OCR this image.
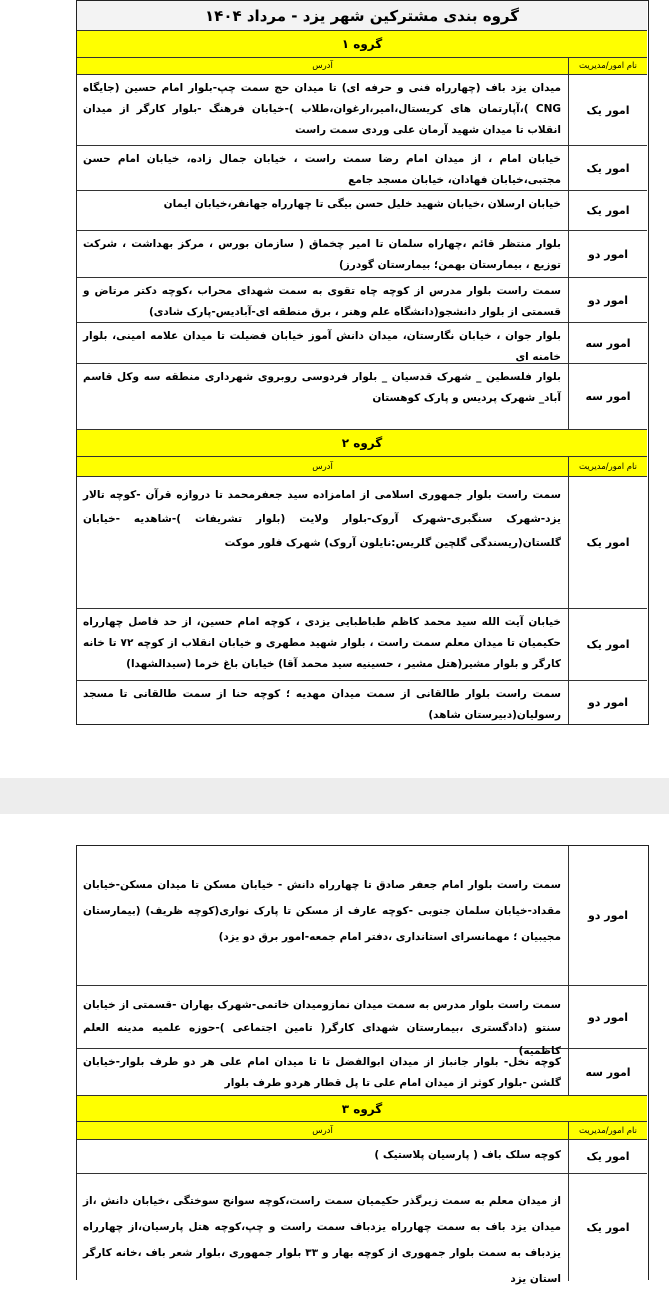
گروه بندی مشترکین شهر یزد - مرداد ۱۴۰۴
گروه ۱
نام امور/مدیریت
آدرس
امور یک
میدان یزد باف (چهارراه فنی و حرفه ای) تا میدان حج سمت چپ-بلوار امام حسین (جایگاه CNG )،آپارتمان های کریستال،امیر،ارغوان،طلاب )-خیابان فرهنگ -بلوار کارگر از میدان انقلاب تا میدان شهید آرمان علی وردی سمت راست
امور یک
خیابان امام ، از میدان امام رضا سمت راست ، خیابان جمال زاده، خیابان امام حسن مجتبی،خیابان فهادان، خیابان مسجد جامع
امور یک
خیابان ارسلان ،خیابان شهید خلیل حسن بیگی تا چهارراه جهانفر،خیابان ایمان
امور دو
بلوار منتظر قائم ،چهاراه سلمان تا امیر چخماق ( سازمان بورس ، مرکز بهداشت ، شرکت توزیع ، بیمارستان بهمن؛ بیمارستان گودرز)
امور دو
سمت راست بلوار مدرس از کوچه چاه تقوی به سمت شهدای محراب ،کوچه دکتر مرتاض و قسمتی از بلوار دانشجو(دانشگاه علم وهنر ، برق منطقه ای-آبادیس-پارک شادی)
امور سه
بلوار جوان ، خیابان نگارستان، میدان دانش آموز خیابان فضیلت تا میدان علامه امینی، بلوار خامنه ای
امور سه
بلوار فلسطین _ شهرک قدسیان _ بلوار فردوسی روبروی شهرداری منطقه سه وکل قاسم آباد_ شهرک پردیس و پارک کوهستان
گروه ۲
نام امور/مدیریت
آدرس
امور یک
سمت راست بلوار جمهوری اسلامی از امامزاده سید جعفرمحمد تا دروازه قرآن -کوچه تالار یزد-شهرک سنگبری-شهرک آروک-بلوار ولایت (بلوار تشریفات )-شاهدیه -خیابان گلستان(ریسندگی گلچین گلریس:نایلون آروک) شهرک فلور موکت
امور یک
خیابان آیت الله سید محمد کاظم طباطبایی یزدی ، کوچه امام حسین، از حد فاصل چهارراه حکیمیان تا میدان معلم سمت راست ، بلوار شهید مطهری و خیابان انقلاب از کوچه ۷۲ تا خانه کارگر و بلوار مشیر(هتل مشیر ، حسینیه سید محمد آقا) خیابان باغ خرما (سیدالشهدا)
امور دو
سمت راست بلوار طالقانی از سمت میدان مهدیه ؛ کوچه حنا از سمت طالقانی تا مسجد رسولیان(دبیرستان شاهد)
امور دو
سمت راست بلوار امام جعفر صادق تا چهارراه دانش - خیابان مسکن تا میدان مسکن-خیابان مقداد-خیابان سلمان جنوبی -کوچه عارف از مسکن تا پارک نواری(کوچه ظریف) (بیمارستان مجیبیان ؛ مهمانسرای استانداری ،دفتر امام جمعه-امور برق دو یزد)
امور دو
سمت راست بلوار مدرس به سمت میدان نمازومیدان خاتمی-شهرک بهاران -قسمتی از خیابان سنتو (دادگستری ،بیمارستان شهدای کارگر( تامین اجتماعی )-حوزه علمیه مدینه العلم کاظمیه)
امور سه
کوچه نخل- بلوار جانباز از میدان ابوالفضل تا تا میدان امام علی هر دو طرف بلوار-خیابان گلشن -بلوار کوثر از میدان امام علی تا پل قطار هردو طرف بلوار
گروه ۳
نام امور/مدیریت
آدرس
امور یک
کوچه سلک باف ( پارسیان پلاستیک )
امور یک
از میدان معلم به سمت زیرگذر حکیمیان سمت راست،کوچه سوانح سوختگی ،خیابان دانش ،از میدان یزد باف به سمت چهارراه یزدباف سمت راست و چپ،کوچه هتل پارسیان،از چهارراه یزدباف به سمت بلوار جمهوری از کوچه بهار و ۳۳ بلوار جمهوری ،بلوار شعر باف ،خانه کارگر استان یزد
